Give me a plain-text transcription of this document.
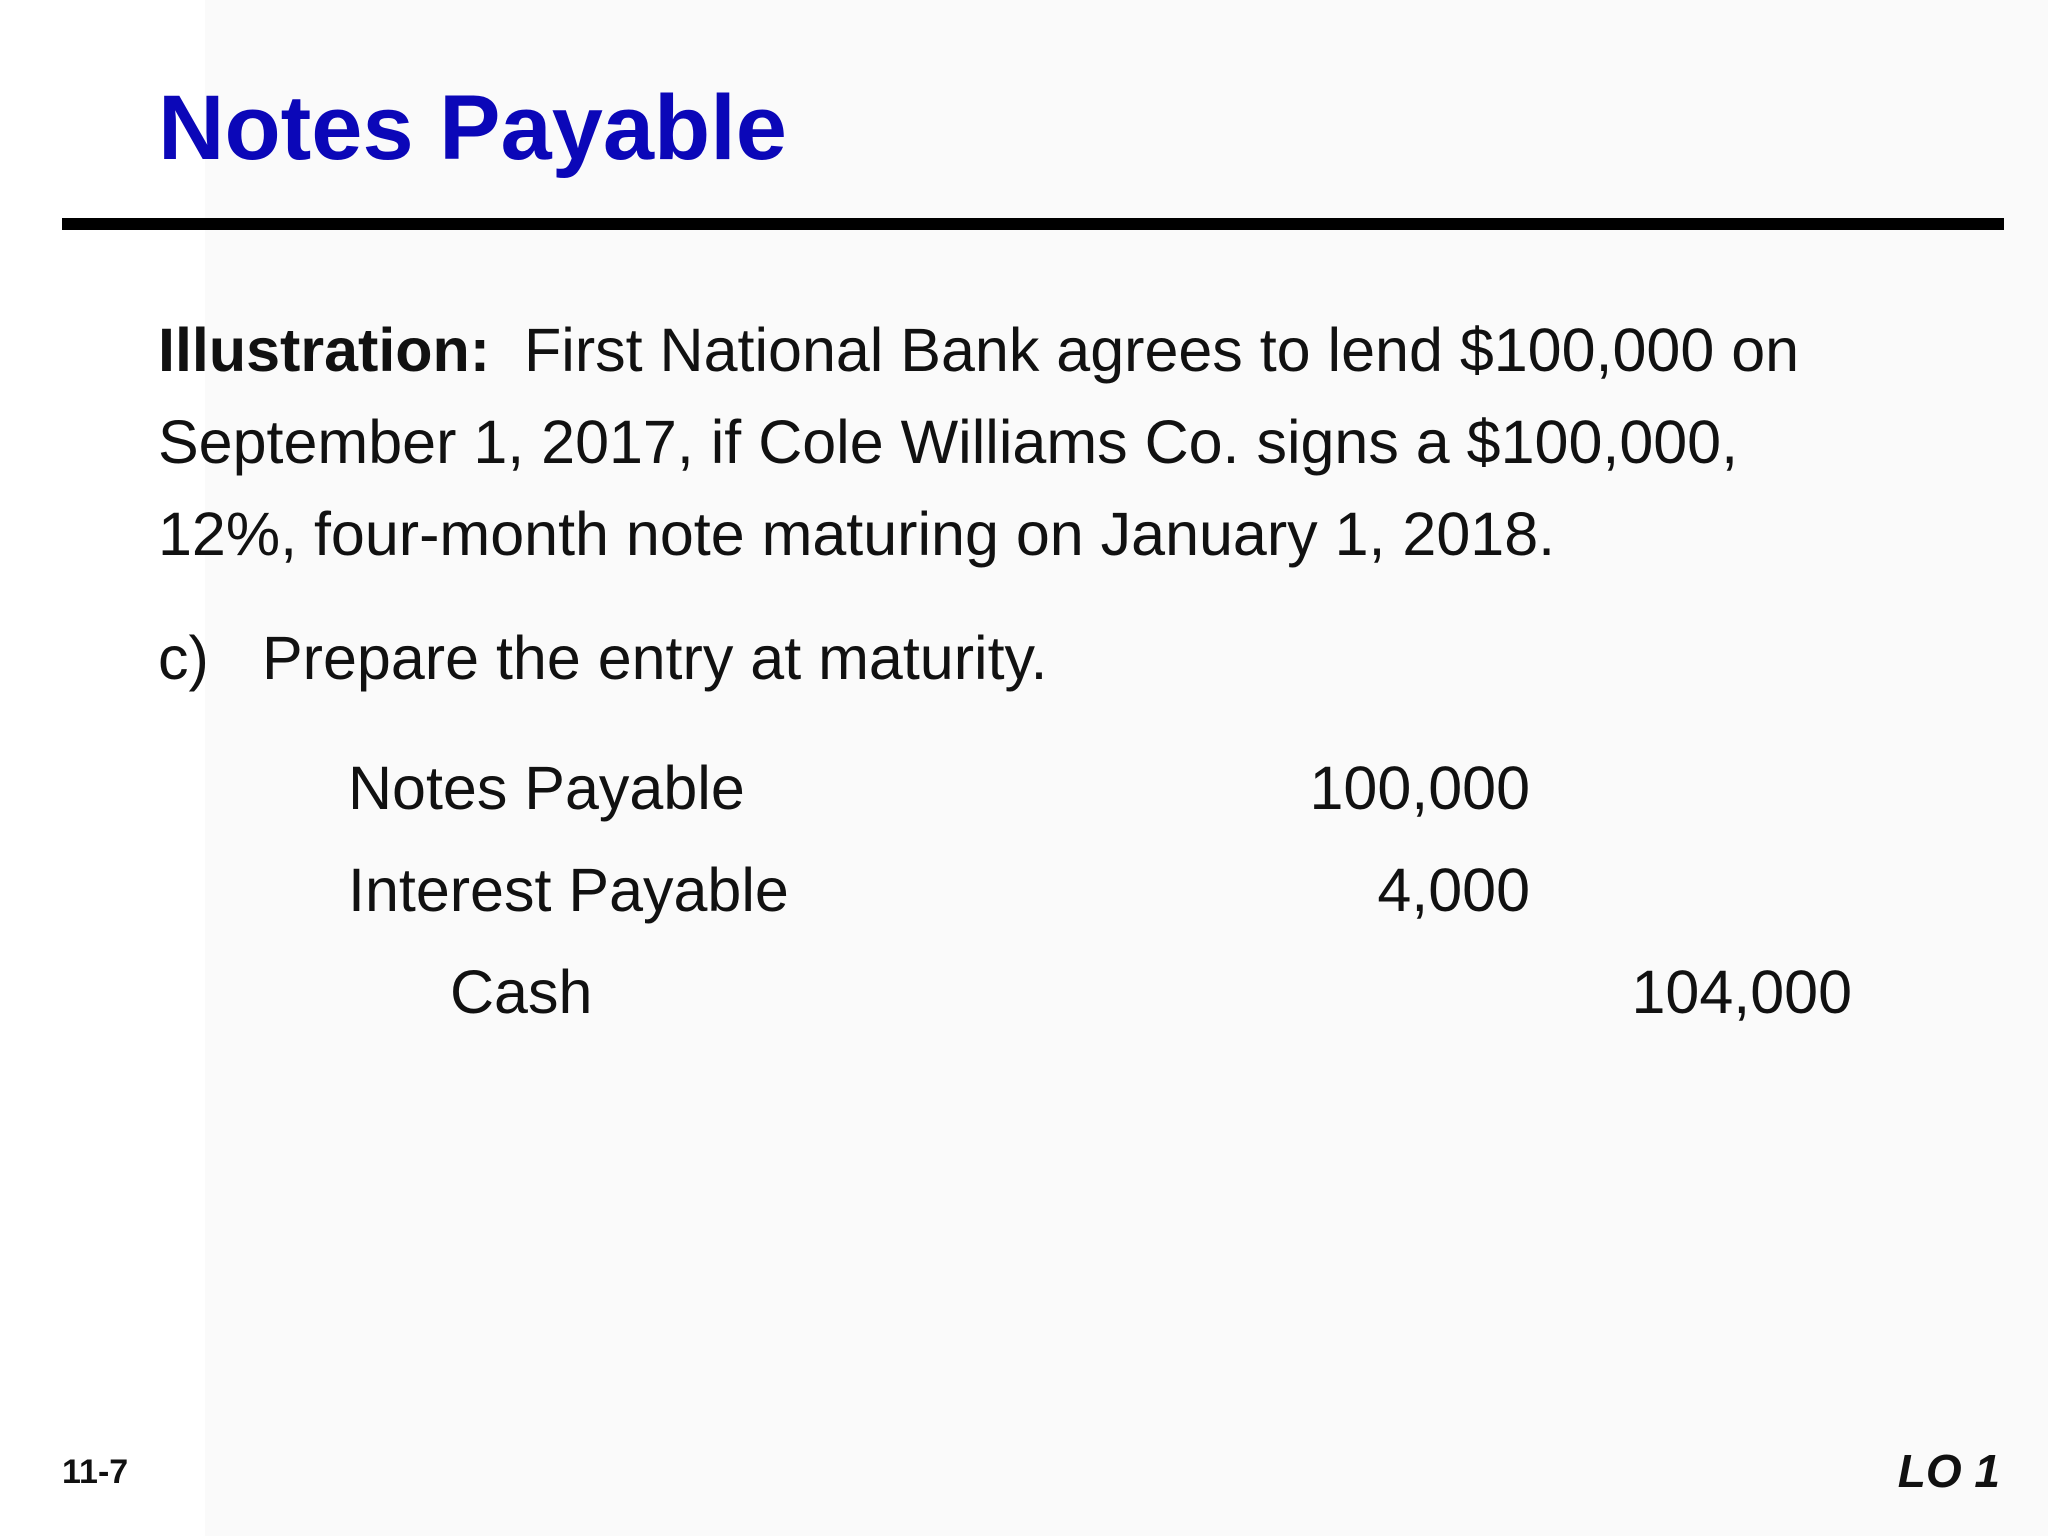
Notes Payable
Illustration: First National Bank agrees to lend $100,000 on
September 1, 2017, if Cole Williams Co. signs a $100,000,
12%, four-month note maturing on January 1, 2018.
c) Prepare the entry at maturity.
Notes Payable	100,000
Interest Payable	4,000
Cash	104,000
11-7	LO 1
